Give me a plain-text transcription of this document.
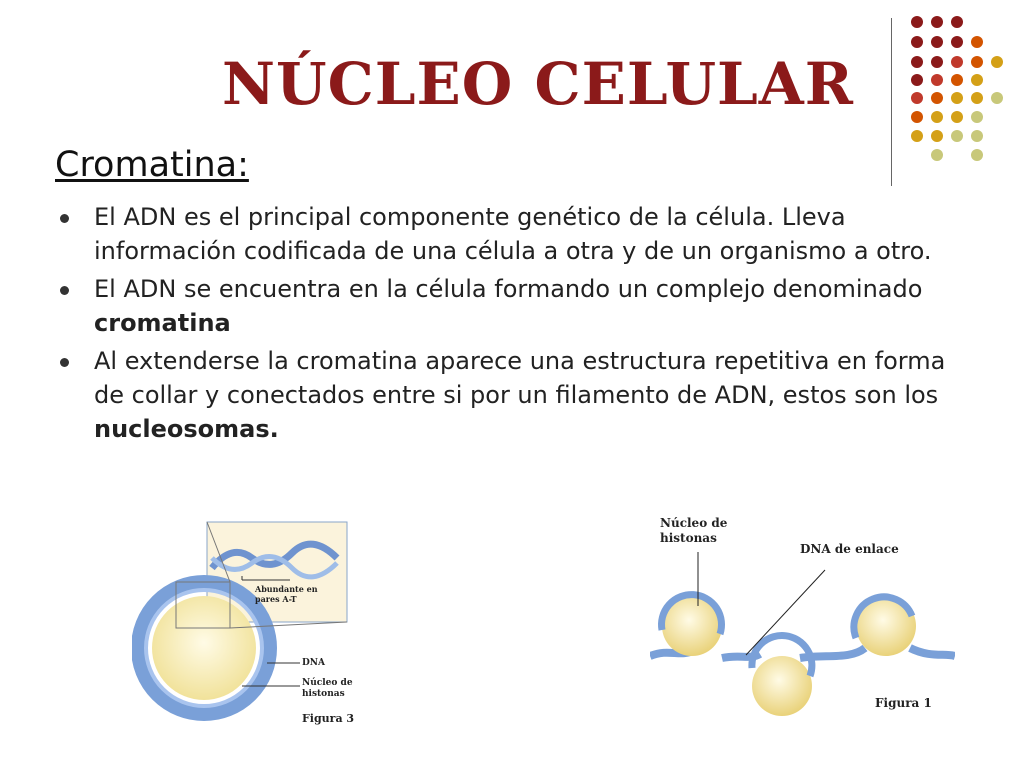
NÚCLEO CELULAR
Cromatina:
El ADN es el principal componente genético de la célula. Lleva información codificada de una célula a otra y de un organismo a otro.
El ADN se encuentra en la célula formando un complejo denominado cromatina
Al extenderse la cromatina aparece una estructura repetitiva en forma de collar y conectados entre si por un filamento de ADN, estos son los nucleosomas.
Abundante en pares A-T
DNA
Núcleo de histonas
Figura 3
Núcleo de histonas
DNA de enlace
Figura 1
